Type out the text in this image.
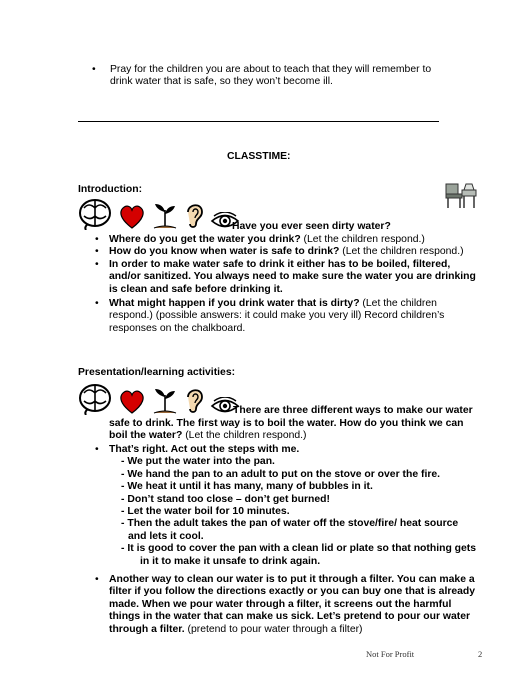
• Pray for the children you are about to teach that they will remember to
drink water that is safe, so they won’t become ill.
CLASSTIME:
Introduction:
Have you ever seen dirty water?
• Where do you get the water you drink? (Let the children respond.)
• How do you know when water is safe to drink? (Let the children respond.)
• In order to make water safe to drink it either has to be boiled, filtered,
and/or sanitized. You always need to make sure the water you are drinking
is clean and safe before drinking it.
• What might happen if you drink water that is dirty? (Let the children
respond.) (possible answers: it could make you very ill) Record children’s
responses on the chalkboard.
Presentation/learning activities:
There are three different ways to make our water
safe to drink. The first way is to boil the water. How do you think we can
boil the water? (Let the children respond.)
• That’s right. Act out the steps with me.
- We put the water into the pan.
- We hand the pan to an adult to put on the stove or over the fire.
- We heat it until it has many, many of bubbles in it.
- Don’t stand too close – don’t get burned!
- Let the water boil for 10 minutes.
- Then the adult takes the pan of water off the stove/fire/ heat source
and lets it cool.
- It is good to cover the pan with a clean lid or plate so that nothing gets
in it to make it unsafe to drink again.
• Another way to clean our water is to put it through a filter. You can make a
filter if you follow the directions exactly or you can buy one that is already
made. When we pour water through a filter, it screens out the harmful
things in the water that can make us sick. Let’s pretend to pour our water
through a filter. (pretend to pour water through a filter)
Not For Profit	2
